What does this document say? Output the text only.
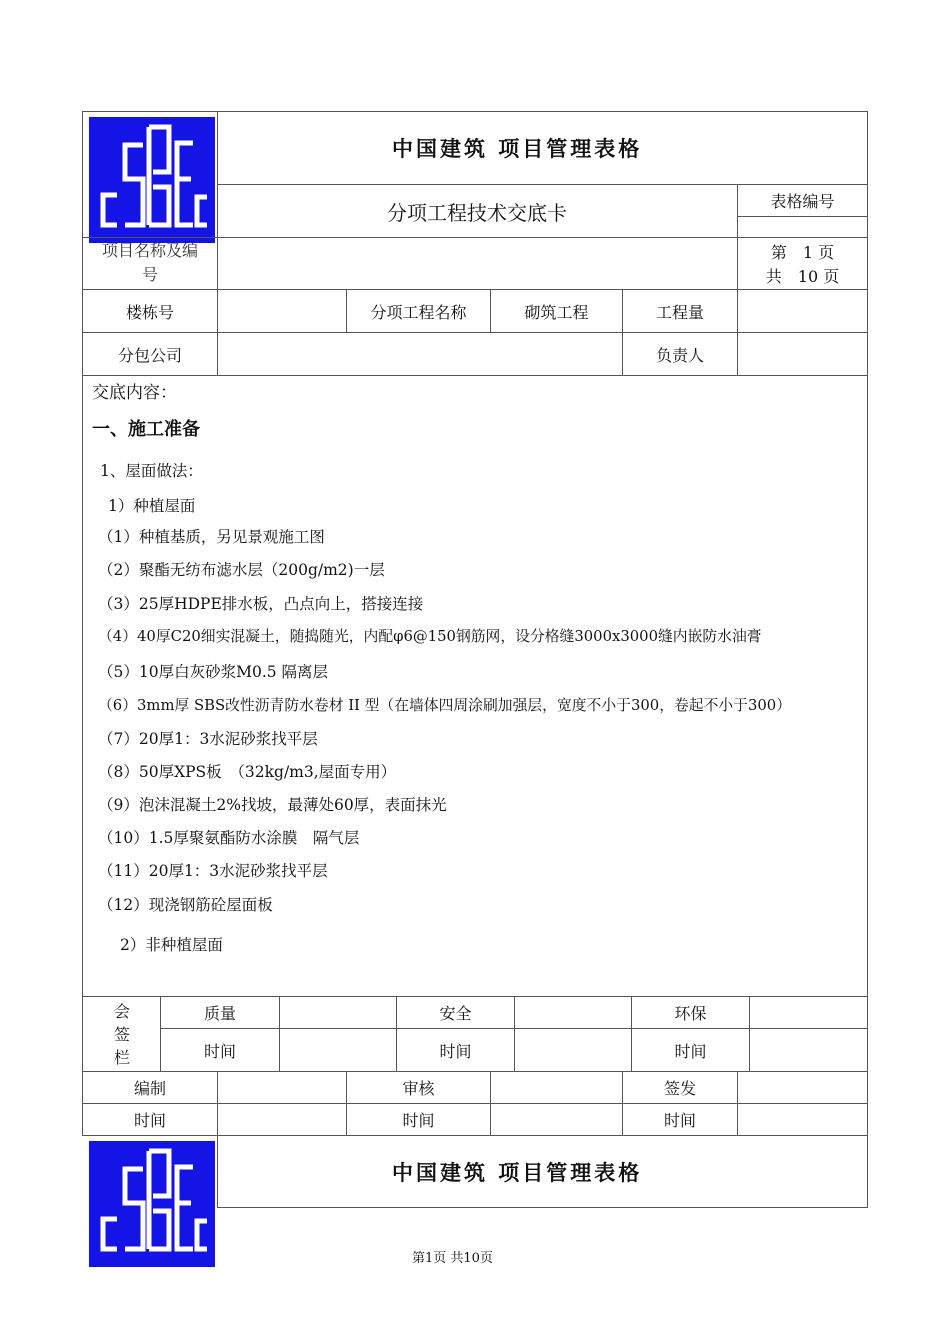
中国建筑 项目管理表格
分项工程技术交底卡	表格编号
项目名称及编号
第　1 页
共　10 页
楼栋号	分项工程名称	砌筑工程	工程量
分包公司	负责人
交底内容：
一、施工准备
1、屋面做法：
1）种植屋面
（1）种植基质，另见景观施工图
（2）聚酯无纺布滤水层（200g/m2)一层
（3）25厚HDPE排水板，凸点向上，搭接连接
（4）40厚C20细实混凝土，随捣随光，内配φ6@150钢筋网，设分格缝3000x3000缝内嵌防水油膏
（5）10厚白灰砂浆M0.5 隔离层
（6）3mm厚 SBS改性沥青防水卷材 II 型（在墙体四周涂刷加强层，宽度不小于300，卷起不小于300）
（7）20厚1：3水泥砂浆找平层
（8）50厚XPS板　（32kg/m3,屋面专用）
（9）泡沫混凝土2%找坡，最薄处60厚，表面抹光
（10）1.5厚聚氨酯防水涂膜　隔气层
（11）20厚1：3水泥砂浆找平层
（12）现浇钢筋砼屋面板
2）非种植屋面
会签栏
质量	安全	环保
时间	时间	时间
编制	审核	签发
时间	时间	时间
中国建筑 项目管理表格
第1页 共10页
